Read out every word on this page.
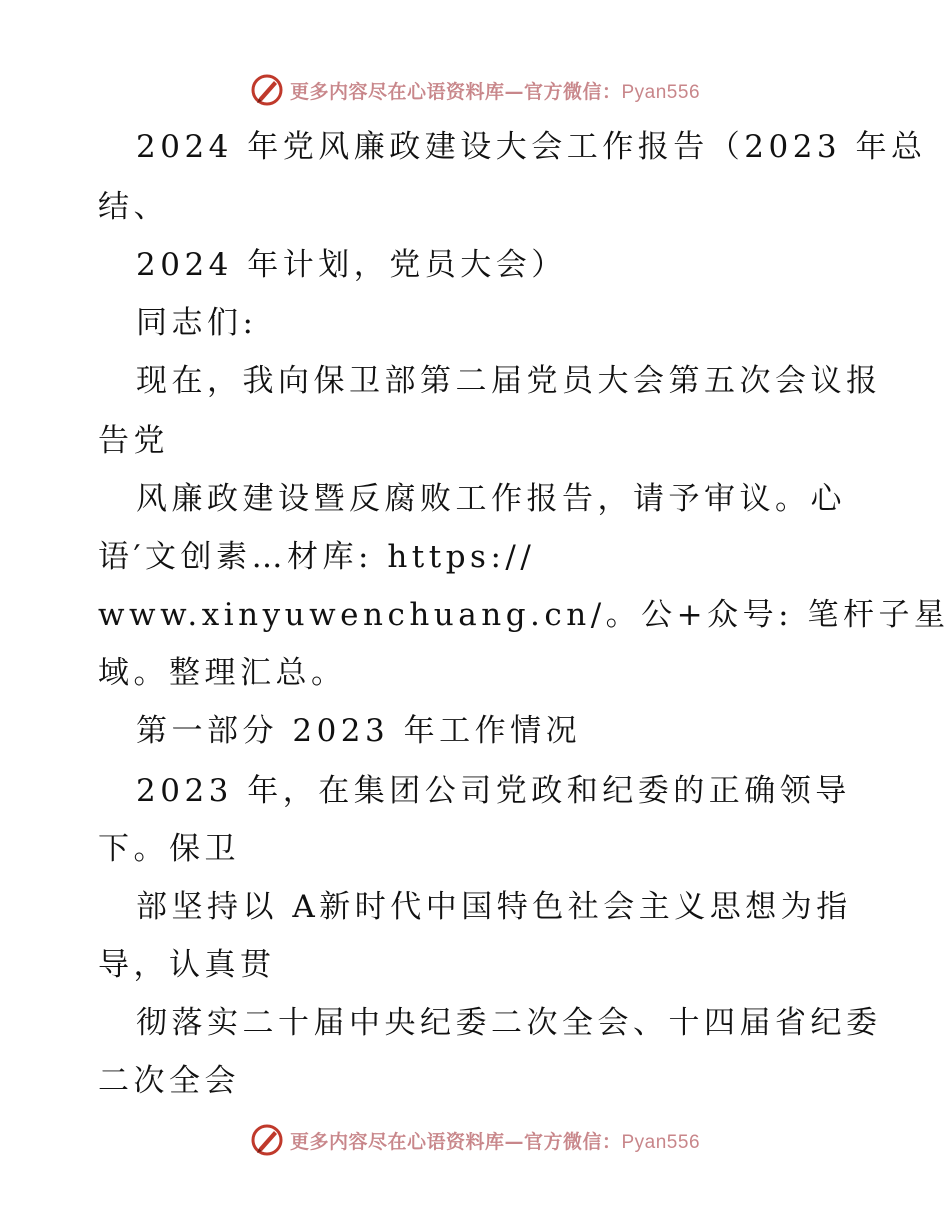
更多内容尽在心语资料库—官方微信：Pyan556
2024 年党风廉政建设大会工作报告（2023 年总
结、
2024 年计划，党员大会）
同志们:
现在，我向保卫部第二届党员大会第五次会议报
告党
风廉政建设暨反腐败工作报告，请予审议。心
语′文创素…材库: https://
www.xinyuwenchuang.cn/。公+众号: 笔杆子星
域。整理汇总。
第一部分 2023 年工作情况
2023 年，在集团公司党政和纪委的正确领导
下。保卫
部坚持以 A新时代中国特色社会主义思想为指
导，认真贯
彻落实二十届中央纪委二次全会、十四届省纪委
二次全会
更多内容尽在心语资料库—官方微信：Pyan556
